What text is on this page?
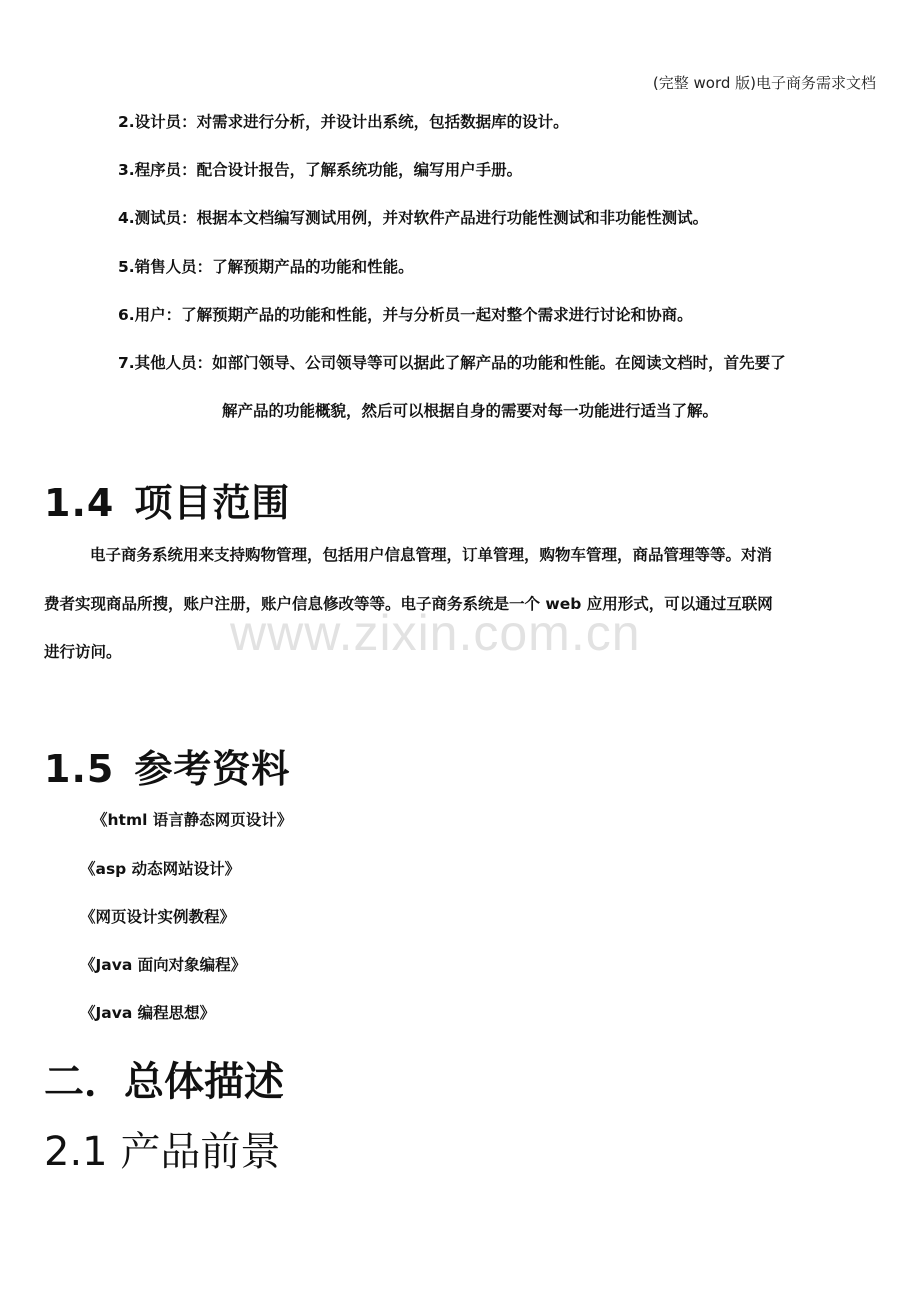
(完整 word 版)电子商务需求文档
2.设计员：对需求进行分析，并设计出系统，包括数据库的设计。
3.程序员：配合设计报告，了解系统功能，编写用户手册。
4.测试员：根据本文档编写测试用例，并对软件产品进行功能性测试和非功能性测试。
5.销售人员：了解预期产品的功能和性能。
6.用户：了解预期产品的功能和性能，并与分析员一起对整个需求进行讨论和协商。
7.其他人员：如部门领导、公司领导等可以据此了解产品的功能和性能。在阅读文档时，首先要了
解产品的功能概貌，然后可以根据自身的需要对每一功能进行适当了解。
1.4 项目范围
电子商务系统用来支持购物管理，包括用户信息管理，订单管理，购物车管理，商品管理等等。对消
费者实现商品所搜，账户注册，账户信息修改等等。电子商务系统是一个 web 应用形式，可以通过互联网
进行访问。 www.zixin.com.cn
1.5 参考资料
《html 语言静态网页设计》
《asp 动态网站设计》
《网页设计实例教程》
《Java 面向对象编程》
《Java 编程思想》
二．总体描述
2.1 产品前景
